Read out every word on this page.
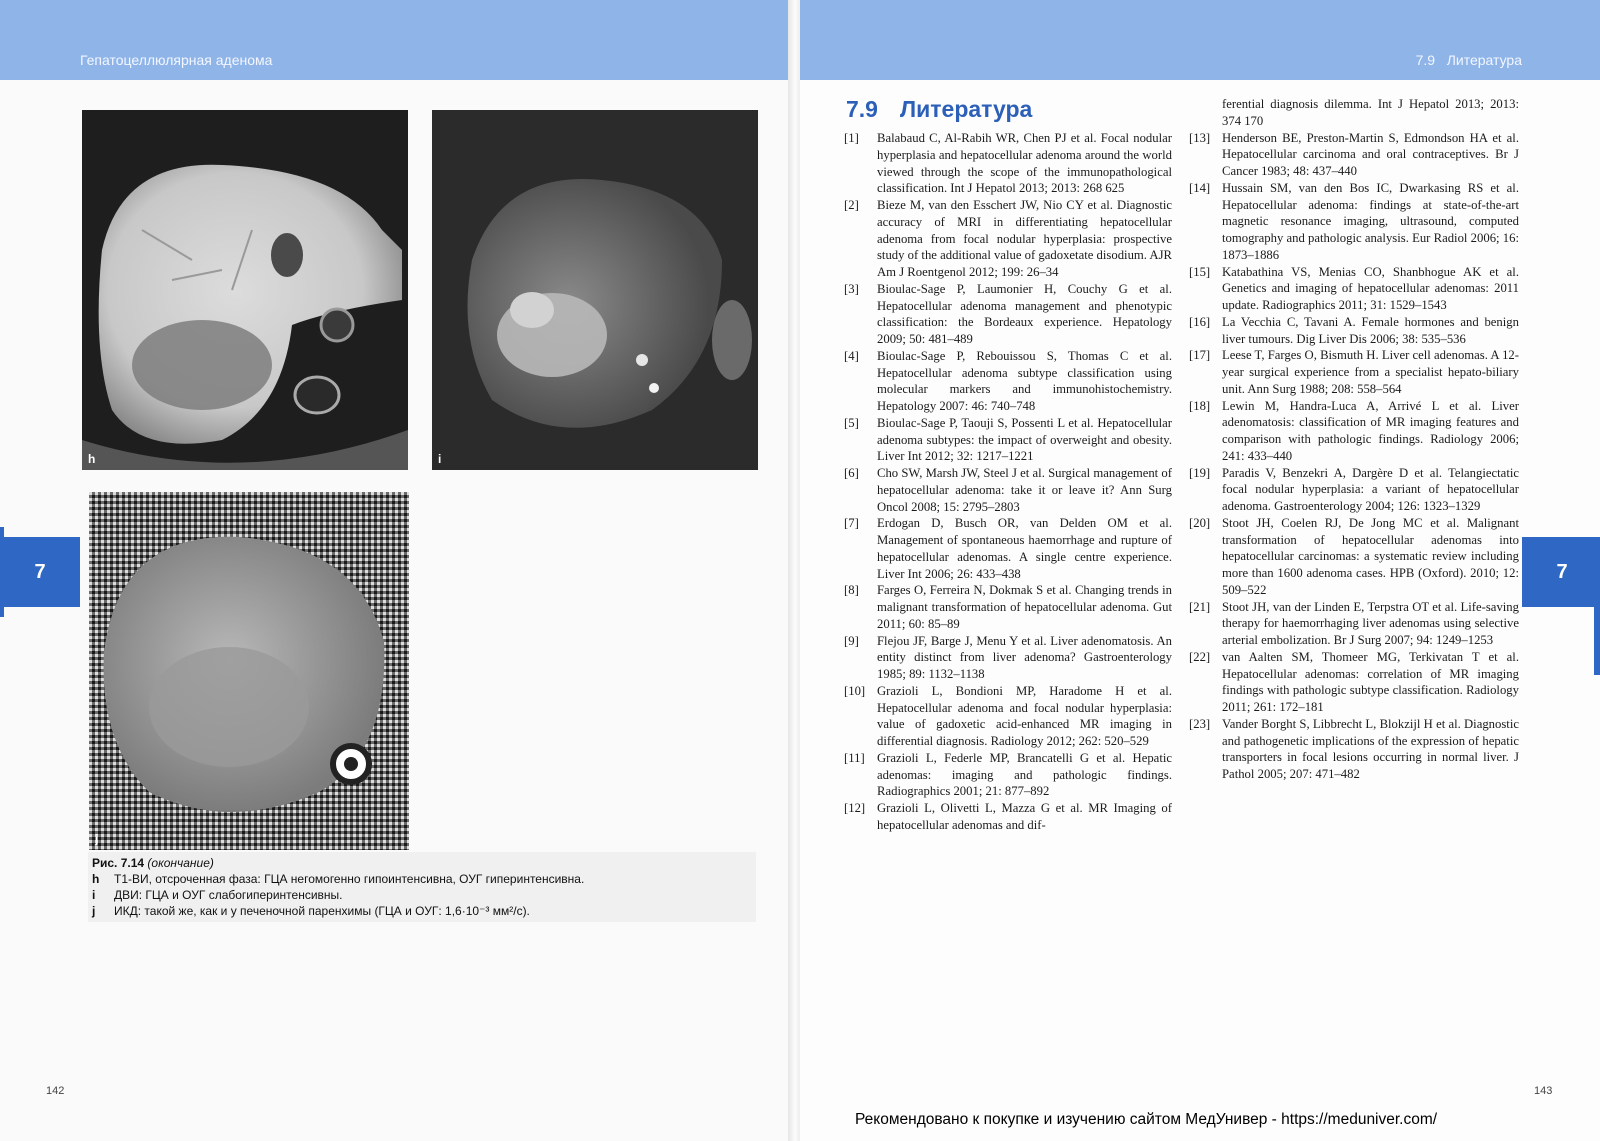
Гепатоцеллюлярная аденома
7
h	i
j
Рис. 7.14 (окончание)
h T1-ВИ, отсроченная фаза: ГЦА негомогенно гипоинтенсивна, ОУГ гиперинтенсивна.
i ДВИ: ГЦА и ОУГ слабогиперинтенсивны.
j ИКД: такой же, как и у печеночной паренхимы (ГЦА и ОУГ: 1,6·10⁻³ мм²/с).
142
7.9   Литература
7.9 Литература
[1] Balabaud C, Al-Rabih WR, Chen PJ et al. Focal nodular hyperplasia and hepatocellular adenoma around the world viewed through the scope of the immunopathological classification. Int J Hepatol 2013; 2013: 268 625
[2] Bieze M, van den Esschert JW, Nio CY et al. Diagnostic accuracy of MRI in differentiating hepatocellular adenoma from focal nodular hyperplasia: prospective study of the additional value of gadoxetate disodium. AJR Am J Roentgenol 2012; 199: 26–34
[3] Bioulac-Sage P, Laumonier H, Couchy G et al. Hepatocellular adenoma management and phenotypic classification: the Bordeaux experience. Hepatology 2009; 50: 481–489
[4] Bioulac-Sage P, Rebouissou S, Thomas C et al. Hepatocellular adenoma subtype classification using molecular markers and immunohistochemistry. Hepatology 2007: 46: 740–748
[5] Bioulac-Sage P, Taouji S, Possenti L et al. Hepatocellular adenoma subtypes: the impact of overweight and obesity. Liver Int 2012; 32: 1217–1221
[6] Cho SW, Marsh JW, Steel J et al. Surgical management of hepatocellular adenoma: take it or leave it? Ann Surg Oncol 2008; 15: 2795–2803
[7] Erdogan D, Busch OR, van Delden OM et al. Management of spontaneous haemorrhage and rupture of hepatocellular adenomas. A single centre experience. Liver Int 2006; 26: 433–438
[8] Farges O, Ferreira N, Dokmak S et al. Changing trends in malignant transformation of hepatocellular adenoma. Gut 2011; 60: 85–89
[9] Flejou JF, Barge J, Menu Y et al. Liver adenomatosis. An entity distinct from liver adenoma? Gastroenterology 1985; 89: 1132–1138
[10] Grazioli L, Bondioni MP, Haradome H et al. Hepatocellular adenoma and focal nodular hyperplasia: value of gadoxetic acid-enhanced MR imaging in differential diagnosis. Radiology 2012; 262: 520–529
[11] Grazioli L, Federle MP, Brancatelli G et al. Hepatic adenomas: imaging and pathologic findings. Radiographics 2001; 21: 877–892
[12] Grazioli L, Olivetti L, Mazza G et al. MR Imaging of hepatocellular adenomas and dif-
ferential diagnosis dilemma. Int J Hepatol 2013; 2013: 374 170
[13] Henderson BE, Preston-Martin S, Edmondson HA et al. Hepatocellular carcinoma and oral contraceptives. Br J Cancer 1983; 48: 437–440
[14] Hussain SM, van den Bos IC, Dwarkasing RS et al. Hepatocellular adenoma: findings at state-of-the-art magnetic resonance imaging, ultrasound, computed tomography and pathologic analysis. Eur Radiol 2006; 16: 1873–1886
[15] Katabathina VS, Menias CO, Shanbhogue AK et al. Genetics and imaging of hepatocellular adenomas: 2011 update. Radiographics 2011; 31: 1529–1543
[16] La Vecchia C, Tavani A. Female hormones and benign liver tumours. Dig Liver Dis 2006; 38: 535–536
[17] Leese T, Farges O, Bismuth H. Liver cell adenomas. A 12-year surgical experience from a specialist hepato-biliary unit. Ann Surg 1988; 208: 558–564
[18] Lewin M, Handra-Luca A, Arrivé L et al. Liver adenomatosis: classification of MR imaging features and comparison with pathologic findings. Radiology 2006; 241: 433–440
[19] Paradis V, Benzekri A, Dargère D et al. Telangiectatic focal nodular hyperplasia: a variant of hepatocellular adenoma. Gastroenterology 2004; 126: 1323–1329
[20] Stoot JH, Coelen RJ, De Jong MC et al. Malignant transformation of hepatocellular adenomas into hepatocellular carcinomas: a systematic review including more than 1600 adenoma cases. HPB (Oxford). 2010; 12: 509–522
[21] Stoot JH, van der Linden E, Terpstra OT et al. Life-saving therapy for haemorrhaging liver adenomas using selective arterial embolization. Br J Surg 2007; 94: 1249–1253
[22] van Aalten SM, Thomeer MG, Terkivatan T et al. Hepatocellular adenomas: correlation of MR imaging findings with pathologic subtype classification. Radiology 2011; 261: 172–181
[23] Vander Borght S, Libbrecht L, Blokzijl H et al. Diagnostic and pathogenetic implications of the expression of hepatic transporters in focal lesions occurring in normal liver. J Pathol 2005; 207: 471–482
7
143
Рекомендовано к покупке и изучению сайтом МедУнивер - https://meduniver.com/
